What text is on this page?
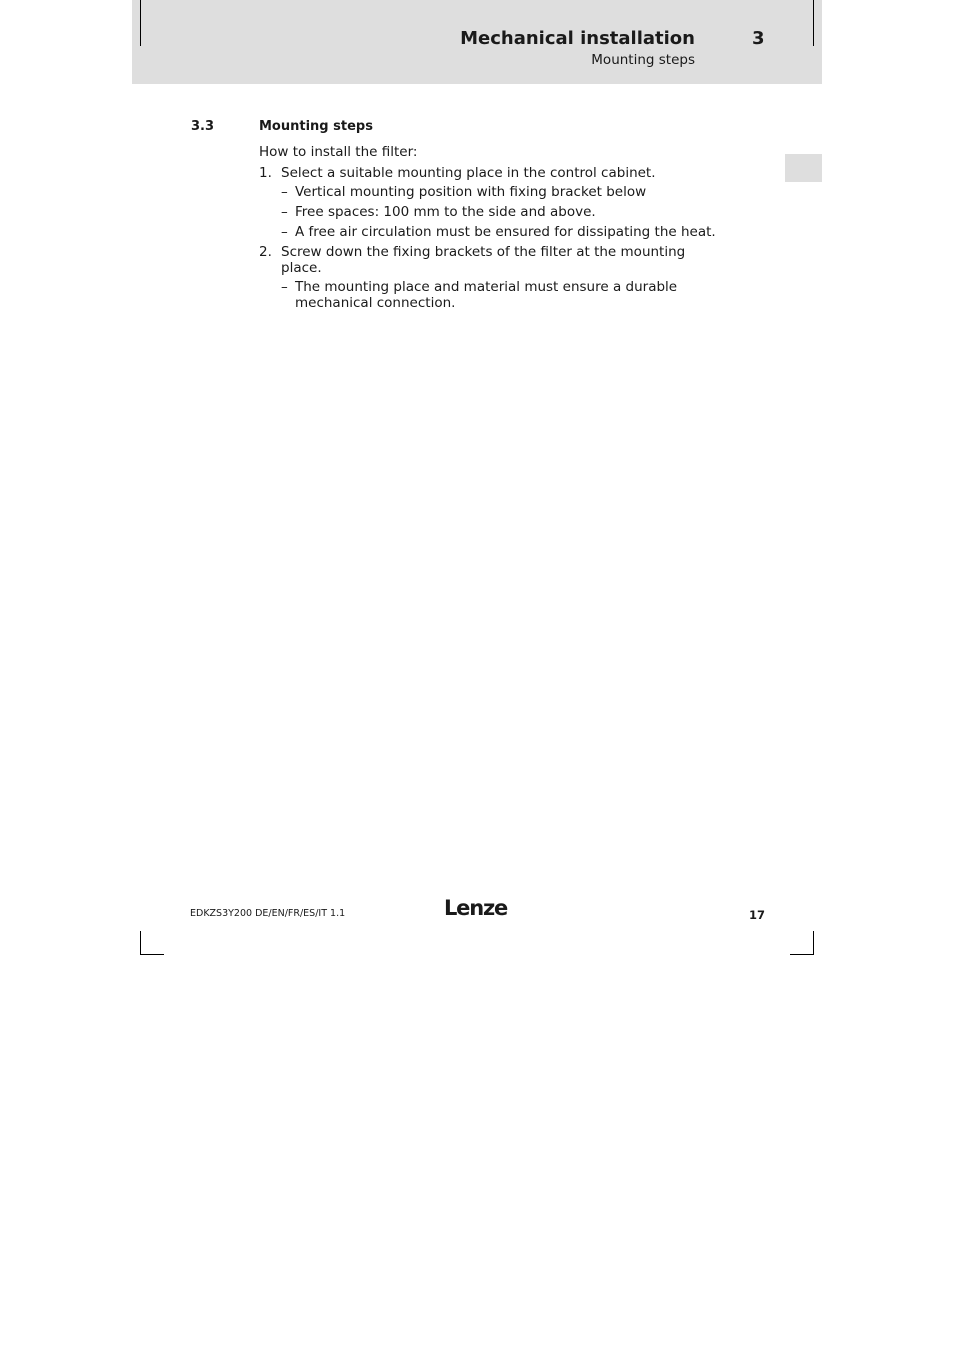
Mechanical installation
Mounting steps
3
3.3	Mounting steps

How to install the filter:

1. Select a suitable mounting place in the control cabinet.
– Vertical mounting position with fixing bracket below
– Free spaces: 100 mm to the side and above.
– A free air circulation must be ensured for dissipating the heat.
2. Screw down the fixing brackets of the filter at the mounting place.
– The mounting place and material must ensure a durable mechanical connection.
EDKZS3Y200 DE/EN/FR/ES/IT 1.1	Lenze	17
